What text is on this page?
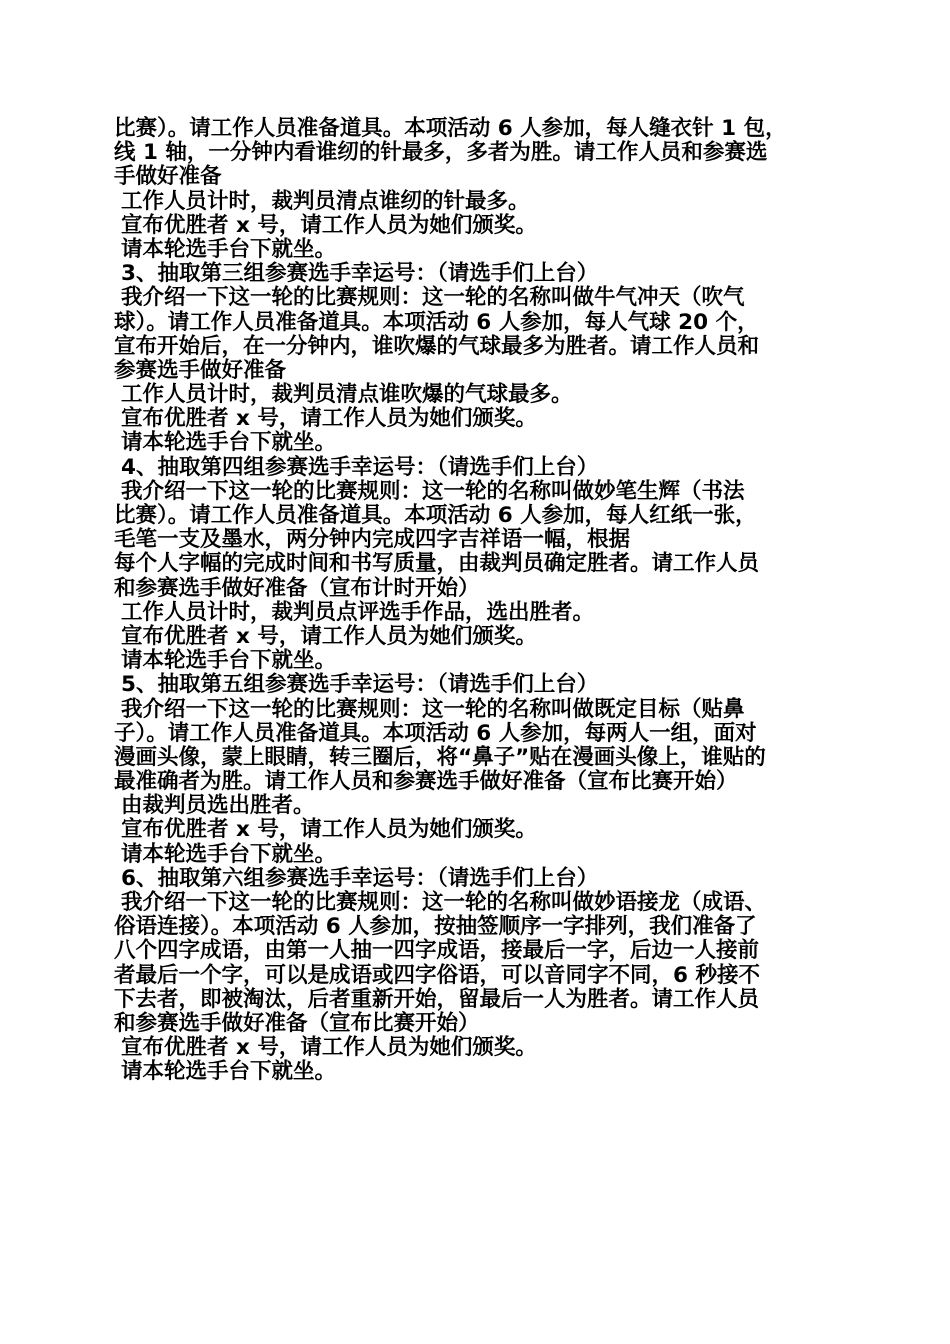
比赛）。请工作人员准备道具。本项活动 6 人参加，每人缝衣针 1 包，
线 1 轴，一分钟内看谁纫的针最多，多者为胜。请工作人员和参赛选
手做好准备
工作人员计时，裁判员清点谁纫的针最多。
宣布优胜者 x 号，请工作人员为她们颁奖。
请本轮选手台下就坐。
3、抽取第三组参赛选手幸运号：（请选手们上台）
我介绍一下这一轮的比赛规则：这一轮的名称叫做牛气冲天（吹气
球）。请工作人员准备道具。本项活动 6 人参加，每人气球 20 个，
宣布开始后，在一分钟内，谁吹爆的气球最多为胜者。请工作人员和
参赛选手做好准备
工作人员计时，裁判员清点谁吹爆的气球最多。
宣布优胜者 x 号，请工作人员为她们颁奖。
请本轮选手台下就坐。
4、抽取第四组参赛选手幸运号：（请选手们上台）
我介绍一下这一轮的比赛规则：这一轮的名称叫做妙笔生辉（书法
比赛）。请工作人员准备道具。本项活动 6 人参加，每人红纸一张，
毛笔一支及墨水，两分钟内完成四字吉祥语一幅，根据
每个人字幅的完成时间和书写质量，由裁判员确定胜者。请工作人员
和参赛选手做好准备（宣布计时开始）
工作人员计时，裁判员点评选手作品，选出胜者。
宣布优胜者 x 号，请工作人员为她们颁奖。
请本轮选手台下就坐。
5、抽取第五组参赛选手幸运号：（请选手们上台）
我介绍一下这一轮的比赛规则：这一轮的名称叫做既定目标（贴鼻
子）。请工作人员准备道具。本项活动 6 人参加，每两人一组，面对
漫画头像，蒙上眼睛，转三圈后，将“鼻子”贴在漫画头像上，谁贴的
最准确者为胜。请工作人员和参赛选手做好准备（宣布比赛开始）
由裁判员选出胜者。
宣布优胜者 x 号，请工作人员为她们颁奖。
请本轮选手台下就坐。
6、抽取第六组参赛选手幸运号：（请选手们上台）
我介绍一下这一轮的比赛规则：这一轮的名称叫做妙语接龙（成语、
俗语连接）。本项活动 6 人参加，按抽签顺序一字排列，我们准备了
八个四字成语，由第一人抽一四字成语，接最后一字，后边一人接前
者最后一个字，可以是成语或四字俗语，可以音同字不同，6 秒接不
下去者，即被淘汰，后者重新开始，留最后一人为胜者。请工作人员
和参赛选手做好准备（宣布比赛开始）
宣布优胜者 x 号，请工作人员为她们颁奖。
请本轮选手台下就坐。
